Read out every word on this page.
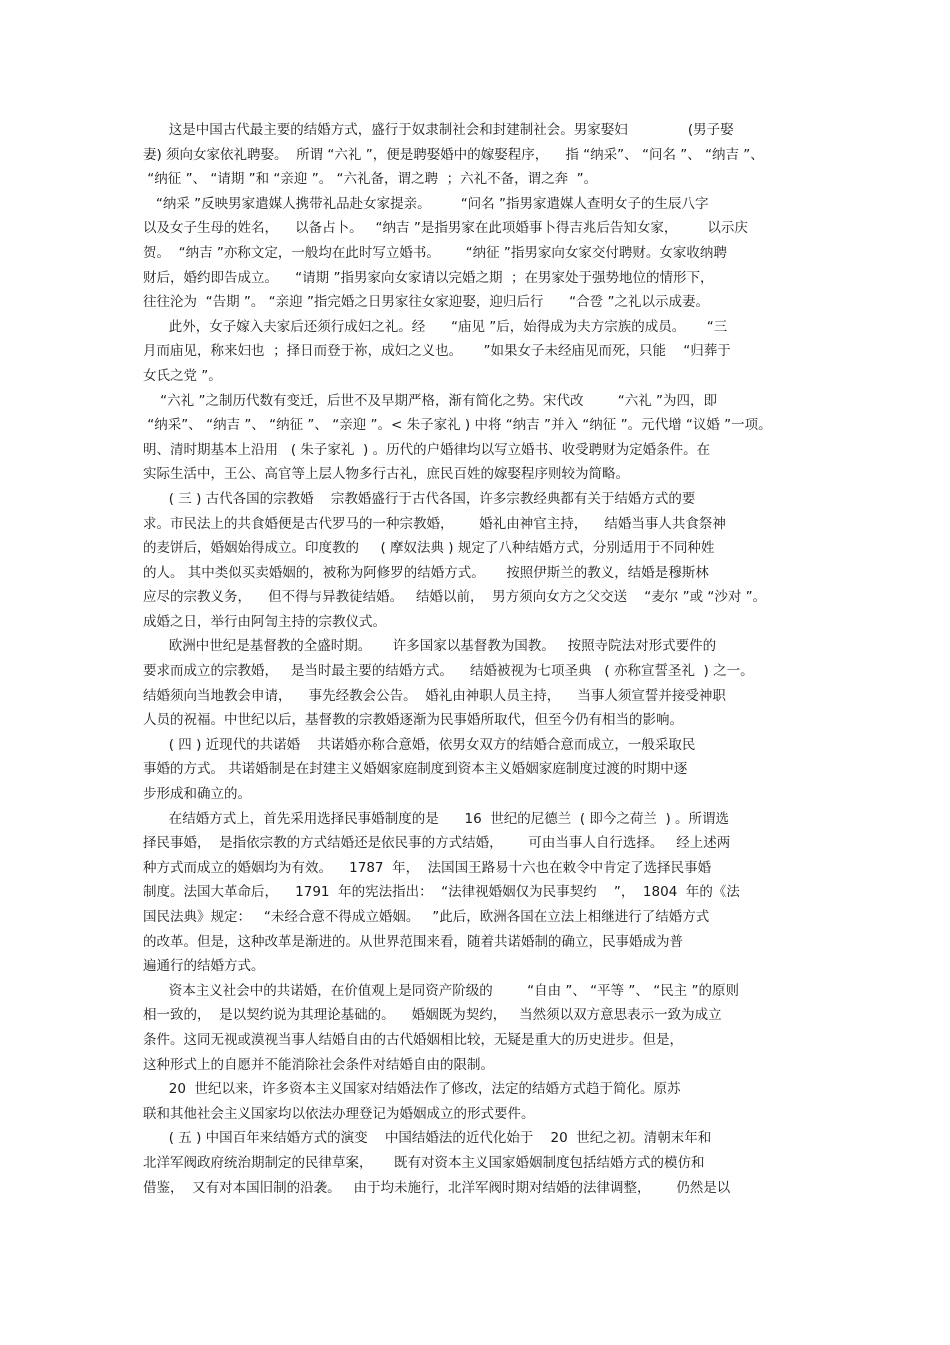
这是中国古代最主要的结婚方式，盛行于奴隶制社会和封建制社会。男家娶妇              (男子娶
妻) 须向女家依礼聘娶。  所谓 “六礼 ”，便是聘娶婚中的嫁娶程序，    指 “纳采”、 “问名 ”、 “纳吉 ”、
“纳征 ”、 “请期 ”和 “亲迎 ”。 “六礼备，谓之聘  ；六礼不备，谓之奔  ”。
“纳采 ”反映男家遣媒人携带礼品赴女家提亲。       “问名 ”指男家遣媒人查明女子的生辰八字
以及女子生母的姓名，    以备占卜。   “纳吉 ”是指男家在此项婚事卜得吉兆后告知女家，       以示庆
贺。  “纳吉 ”亦称文定，一般均在此时写立婚书。      “纳征 ”指男家向女家交付聘财。女家收纳聘
财后，婚约即告成立。    “请期 ”指男家向女家请以完婚之期  ；在男家处于强势地位的情形下，
往往沦为  “告期 ”。 “亲迎 ”指完婚之日男家往女家迎娶，迎归后行      “合卺 ”之礼以示成妻。
此外，女子嫁入夫家后还须行成妇之礼。经      “庙见 ”后，始得成为夫方宗族的成员。     “三
月而庙见，称来妇也  ；择日而登于祢，成妇之义也。     ”如果女子未经庙见而死，只能    “归葬于
女氏之党 ”。
“六礼 ”之制历代数有变迁，后世不及早期严格，渐有简化之势。宋代改        “六礼 ”为四，即
“纳采”、 “纳吉 ”、 “纳征 ”、 “亲迎 ”。< 朱子家礼 ) 中将 “纳吉 ”并入 “纳征 ”。元代增 “议婚 ”一项。
明、清时期基本上沿用   ( 朱子家礼  ) 。历代的户婚律均以写立婚书、收受聘财为定婚条件。在
实际生活中，王公、高官等上层人物多行古礼，庶民百姓的嫁娶程序则较为简略。
( 三 ) 古代各国的宗教婚    宗教婚盛行于古代各国，许多宗教经典都有关于结婚方式的要
求。市民法上的共食婚便是古代罗马的一种宗教婚，      婚礼由神官主持，    结婚当事人共食祭神
的麦饼后，婚姻始得成立。印度教的     ( 摩奴法典 ) 规定了八种结婚方式，分别适用于不同种姓
的人。 其中类似买卖婚姻的，被称为阿修罗的结婚方式。     按照伊斯兰的教义，结婚是穆斯林
应尽的宗教义务，    但不得与异教徒结婚。   结婚以前，  男方须向女方之父交送    “麦尔 ”或 “沙对 ”。
成婚之日，举行由阿訇主持的宗教仪式。
欧洲中世纪是基督教的全盛时期。     许多国家以基督教为国教。   按照寺院法对形式要件的
要求而成立的宗教婚，   是当时最主要的结婚方式。    结婚被视为七项圣典   ( 亦称宣誓圣礼  ) 之一。
结婚须向当地教会申请，    事先经教会公告。  婚礼由神职人员主持，    当事人须宣誓并接受神职
人员的祝福。中世纪以后，基督教的宗教婚逐渐为民事婚所取代，但至今仍有相当的影响。
( 四 ) 近现代的共诺婚    共诺婚亦称合意婚，依男女双方的结婚合意而成立，一般采取民
事婚的方式。 共诺婚制是在封建主义婚姻家庭制度到资本主义婚姻家庭制度过渡的时期中逐
步形成和确立的。
在结婚方式上，首先采用选择民事婚制度的是      16  世纪的尼德兰  ( 即今之荷兰  ) 。所谓选
择民事婚，  是指依宗教的方式结婚还是依民事的方式结婚，      可由当事人自行选择。   经上述两
种方式而成立的婚姻均为有效。    1787  年，  法国国王路易十六也在敕令中肯定了选择民事婚
制度。法国大革命后，    1791  年的宪法指出：  “法律视婚姻仅为民事契约    ”，  1804  年的《法
国民法典》规定：   “未经合意不得成立婚姻。   ”此后，欧洲各国在立法上相继进行了结婚方式
的改革。但是，这种改革是渐进的。从世界范围来看，随着共诺婚制的确立，民事婚成为普
遍通行的结婚方式。
资本主义社会中的共诺婚，在价值观上是同资产阶级的        “自由 ”、 “平等 ”、 “民主 ”的原则
相一致的，  是以契约说为其理论基础的。    婚姻既为契约，   当然须以双方意思表示一致为成立
条件。这同无视或漠视当事人结婚自由的古代婚姻相比较，无疑是重大的历史进步。但是，
这种形式上的自愿并不能消除社会条件对结婚自由的限制。
20  世纪以来，许多资本主义国家对结婚法作了修改，法定的结婚方式趋于简化。原苏
联和其他社会主义国家均以依法办理登记为婚姻成立的形式要件。
( 五 ) 中国百年来结婚方式的演变    中国结婚法的近代化始于    20  世纪之初。清朝末年和
北洋军阀政府统治期制定的民律草案，     既有对资本主义国家婚姻制度包括结婚方式的模仿和
借鉴，  又有对本国旧制的沿袭。   由于均未施行，北洋军阀时期对结婚的法律调整，      仍然是以
